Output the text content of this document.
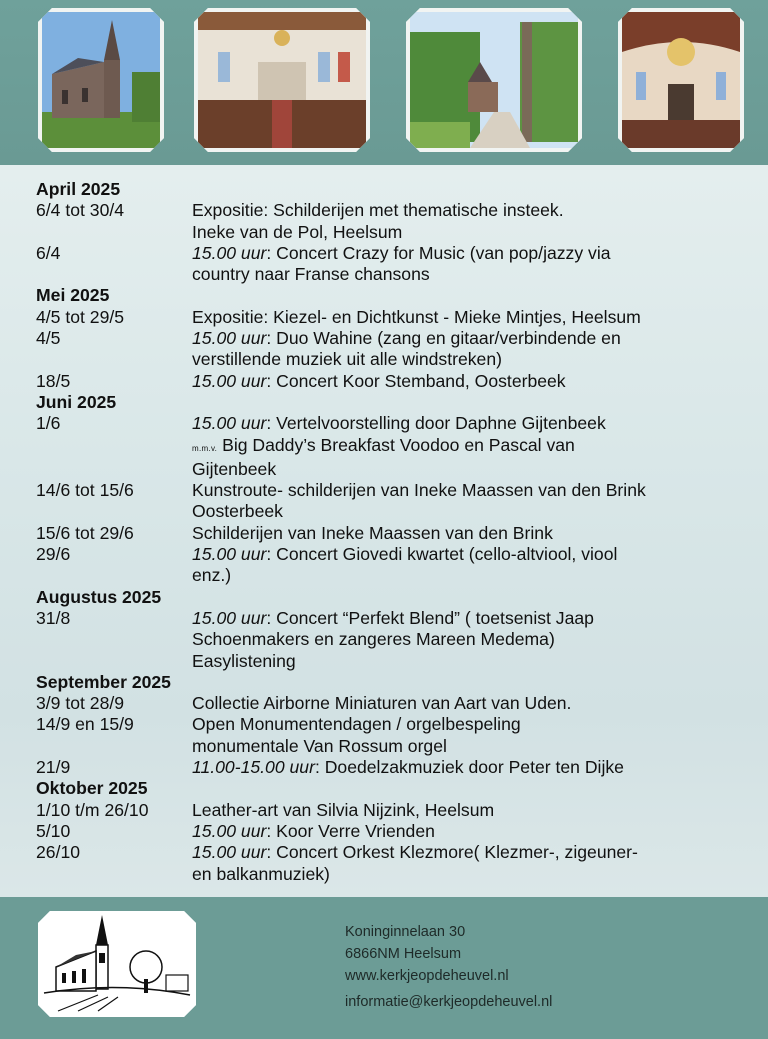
April 2025
6/4 tot 30/4	Expositie: Schilderijen met thematische insteek.
Ineke van de Pol, Heelsum
6/4	15.00 uur: Concert Crazy for Music (van pop/jazzy via
country naar Franse chansons
Mei 2025
4/5 tot 29/5	Expositie: Kiezel- en Dichtkunst - Mieke Mintjes, Heelsum
4/5	15.00 uur: Duo Wahine (zang en gitaar/verbindende en
verstillende muziek uit alle windstreken)
18/5	15.00 uur: Concert Koor Stemband, Oosterbeek
Juni 2025
1/6	15.00 uur: Vertelvoorstelling door Daphne Gijtenbeek
m.m.v. Big Daddy’s Breakfast Voodoo en Pascal van
Gijtenbeek
14/6 tot 15/6	Kunstroute- schilderijen van Ineke Maassen van den Brink
Oosterbeek
15/6 tot 29/6	Schilderijen van Ineke Maassen van den Brink
29/6	15.00 uur: Concert Giovedi kwartet (cello-altviool, viool
enz.)
Augustus 2025
31/8	15.00 uur: Concert “Perfekt Blend” ( toetsenist Jaap
Schoenmakers en zangeres Mareen Medema)
Easylistening
September 2025
3/9 tot 28/9	Collectie Airborne Miniaturen van Aart van Uden.
14/9 en 15/9	Open Monumentendagen / orgelbespeling
monumentale Van Rossum orgel
21/9	11.00-15.00 uur: Doedelzakmuziek door Peter ten Dijke
Oktober 2025
1/10 t/m 26/10	Leather-art van Silvia Nijzink, Heelsum
5/10	15.00 uur: Koor Verre Vrienden
26/10	15.00 uur: Concert Orkest Klezmore( Klezmer-, zigeuner-
en balkanmuziek)
Koninginnelaan 30
6866NM Heelsum
www.kerkjeopdeheuvel.nl
informatie@kerkjeopdeheuvel.nl
